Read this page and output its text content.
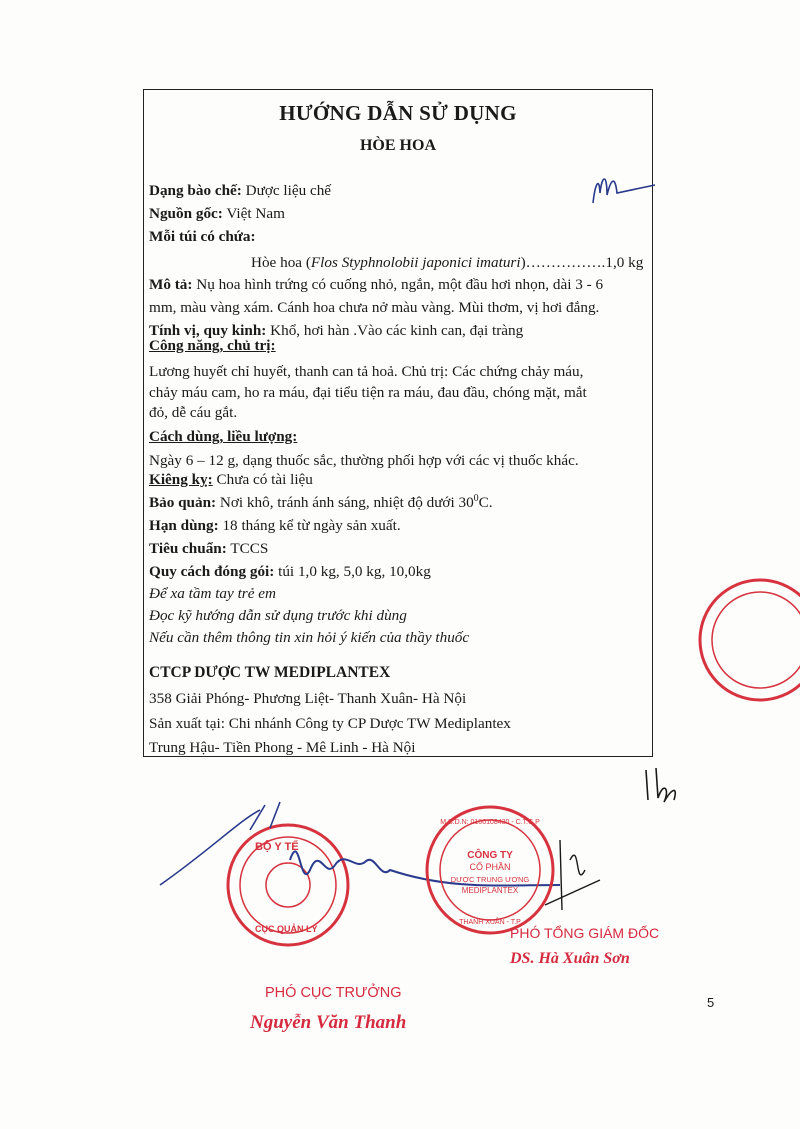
HƯỚNG DẪN SỬ DỤNG
HÒE HOA
Dạng bào chế: Dược liệu chế
Nguồn gốc: Việt Nam
Mỗi túi có chứa:
Hòe hoa (Flos Styphnolobii japonici imaturi)…………….1,0 kg
Mô tả: Nụ hoa hình trứng có cuống nhỏ, ngắn, một đầu hơi nhọn, dài 3 - 6
mm, màu vàng xám. Cánh hoa chưa nở màu vàng. Mùi thơm, vị hơi đắng.
Tính vị, quy kinh: Khổ, hơi hàn .Vào các kinh can, đại tràng
Công năng, chủ trị:
Lương huyết chỉ huyết, thanh can tả hoả. Chủ trị: Các chứng chảy máu,
chảy máu cam, ho ra máu, đại tiểu tiện ra máu, đau đầu, chóng mặt, mắt
đỏ, dễ cáu gắt.
Cách dùng, liều lượng:
Ngày 6 – 12 g, dạng thuốc sắc, thường phối hợp với các vị thuốc khác.
Kiêng kỵ: Chưa có tài liệu
Bảo quản: Nơi khô, tránh ánh sáng, nhiệt độ dưới $30^0C$.
Hạn dùng: 18 tháng kể từ ngày sản xuất.
Tiêu chuẩn: TCCS
Quy cách đóng gói: túi 1,0 kg, 5,0 kg, 10,0kg
Để xa tầm tay trẻ em
Đọc kỹ hướng dẫn sử dụng trước khi dùng
Nếu cần thêm thông tin xin hỏi ý kiến của thầy thuốc
CTCP DƯỢC TW MEDIPLANTEX
358 Giải Phóng- Phương Liệt- Thanh Xuân- Hà Nội
Sản xuất tại: Chi nhánh Công ty CP Dược TW Mediplantex
Trung Hậu- Tiền Phong - Mê Linh - Hà Nội
BỘ Y TẾ
CỤC QUẢN LÝ
CÔNG TY
CỔ PHẦN
DƯỢC TRUNG ƯƠNG
MEDIPLANTEX
M.S.D.N: 0100108430 - C.T.C.P
THANH XUÂN - T.P
PHÓ TỔNG GIÁM ĐỐC
DS. Hà Xuân Sơn
PHÓ CỤC TRƯỞNG
Nguyễn Văn Thanh
5
